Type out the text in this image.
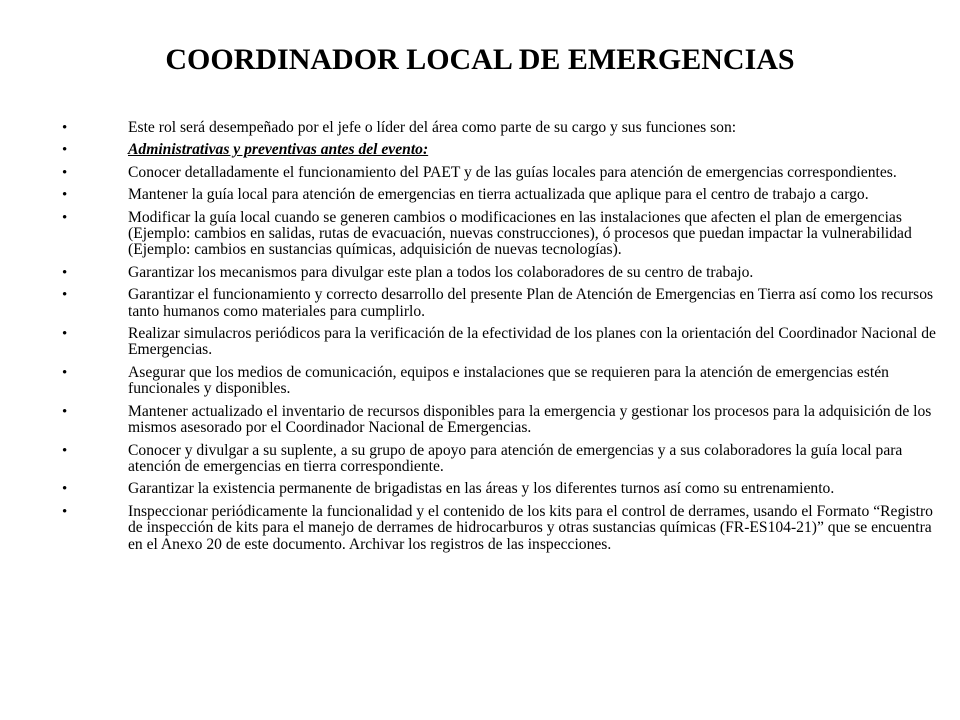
COORDINADOR LOCAL DE EMERGENCIAS
•	Este rol será desempeñado por el jefe o líder del área como parte de su cargo y sus funciones son:
•	Administrativas y preventivas antes del evento:
•	Conocer detalladamente el funcionamiento del PAET y de las guías locales para atención de emergencias correspondientes.
•	Mantener la guía local para atención de emergencias en tierra actualizada que aplique para el centro de trabajo a cargo.
•	Modificar la guía local cuando se generen cambios o modificaciones en las instalaciones que afecten el plan de emergencias (Ejemplo: cambios en salidas, rutas de evacuación, nuevas construcciones), ó procesos que puedan impactar la vulnerabilidad (Ejemplo: cambios en sustancias químicas, adquisición de nuevas tecnologías).
•	Garantizar los mecanismos para divulgar este plan a todos los colaboradores de su centro de trabajo.
•	Garantizar el funcionamiento y correcto desarrollo del presente Plan de Atención de Emergencias en Tierra así como los recursos tanto humanos como materiales para cumplirlo.
•	Realizar simulacros periódicos para la verificación de la efectividad de los planes con la orientación del Coordinador Nacional de Emergencias.
•	Asegurar que los medios de comunicación, equipos e instalaciones que se requieren para la atención de emergencias estén funcionales y disponibles.
•	Mantener actualizado el inventario de recursos disponibles para la emergencia y gestionar los procesos para la adquisición de los mismos asesorado por el Coordinador Nacional de Emergencias.
•	Conocer y divulgar a su suplente, a su grupo de apoyo para atención de emergencias y a sus colaboradores la guía local para atención de emergencias en tierra correspondiente.
•	Garantizar la existencia permanente de brigadistas en las áreas y los diferentes turnos así como su entrenamiento.
•	Inspeccionar periódicamente la funcionalidad y el contenido de los kits para el control de derrames, usando el Formato “Registro de inspección de kits para el manejo de derrames de hidrocarburos y otras sustancias químicas (FR-ES104-21)” que se encuentra en el Anexo 20 de este documento. Archivar los registros de las inspecciones.
